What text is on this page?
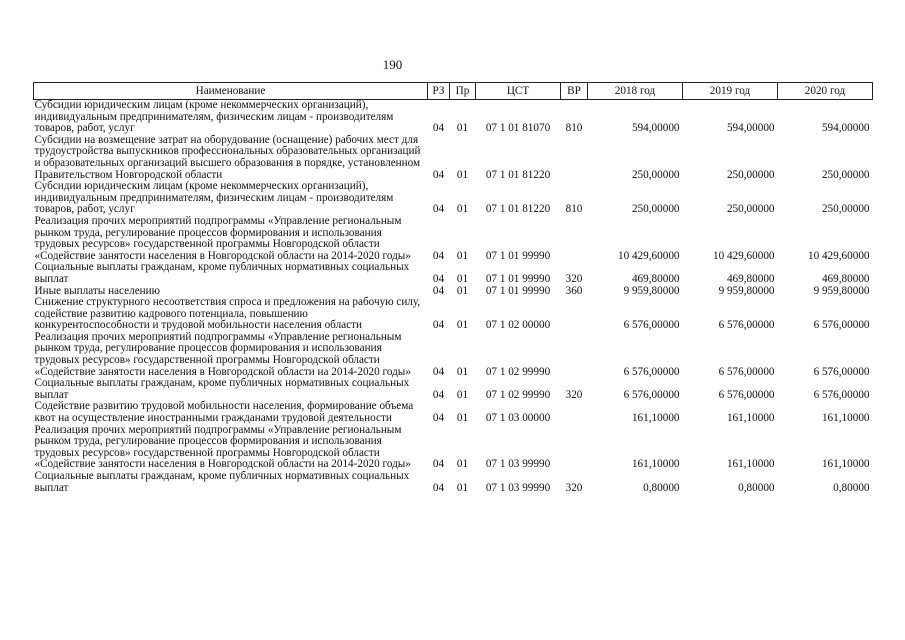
190
Наименование	РЗ	Пр	ЦСТ	ВР	2018 год	2019 год	2020 год
Субсидии юридическим лицам (кроме некоммерческих организаций), индивидуальным предпринимателям, физическим лицам - производителям товаров, работ, услуг	04	01	07 1 01 81070	810	594,00000	594,00000	594,00000
Субсидии на возмещение затрат на оборудование (оснащение) рабочих мест для трудоустройства выпускников профессиональных образовательных организаций и образовательных организаций высшего образования в порядке, установленном Правительством Новгородской области	04	01	07 1 01 81220		250,00000	250,00000	250,00000
Субсидии юридическим лицам (кроме некоммерческих организаций), индивидуальным предпринимателям, физическим лицам - производителям товаров, работ, услуг	04	01	07 1 01 81220	810	250,00000	250,00000	250,00000
Реализация прочих мероприятий подпрограммы «Управление региональным рынком труда, регулирование процессов формирования и использования трудовых ресурсов» государственной программы Новгородской области «Содействие занятости населения в Новгородской области на 2014-2020 годы»	04	01	07 1 01 99990		10 429,60000	10 429,60000	10 429,60000
Социальные выплаты гражданам, кроме публичных нормативных социальных выплат	04	01	07 1 01 99990	320	469,80000	469,80000	469,80000
Иные выплаты населению	04	01	07 1 01 99990	360	9 959,80000	9 959,80000	9 959,80000
Снижение структурного несоответствия спроса и предложения на рабочую силу, содействие развитию кадрового потенциала, повышению конкурентоспособности и трудовой мобильности населения области	04	01	07 1 02 00000		6 576,00000	6 576,00000	6 576,00000
Реализация прочих мероприятий подпрограммы «Управление региональным рынком труда, регулирование процессов формирования и использования трудовых ресурсов» государственной программы Новгородской области «Содействие занятости населения в Новгородской области на 2014-2020 годы»	04	01	07 1 02 99990		6 576,00000	6 576,00000	6 576,00000
Социальные выплаты гражданам, кроме публичных нормативных социальных выплат	04	01	07 1 02 99990	320	6 576,00000	6 576,00000	6 576,00000
Содействие развитию трудовой мобильности населения, формирование объема квот на осуществление иностранными гражданами трудовой деятельности	04	01	07 1 03 00000		161,10000	161,10000	161,10000
Реализация прочих мероприятий подпрограммы «Управление региональным рынком труда, регулирование процессов формирования и использования трудовых ресурсов» государственной программы Новгородской области «Содействие занятости населения в Новгородской области на 2014-2020 годы»	04	01	07 1 03 99990		161,10000	161,10000	161,10000
Социальные выплаты гражданам, кроме публичных нормативных социальных выплат	04	01	07 1 03 99990	320	0,80000	0,80000	0,80000
